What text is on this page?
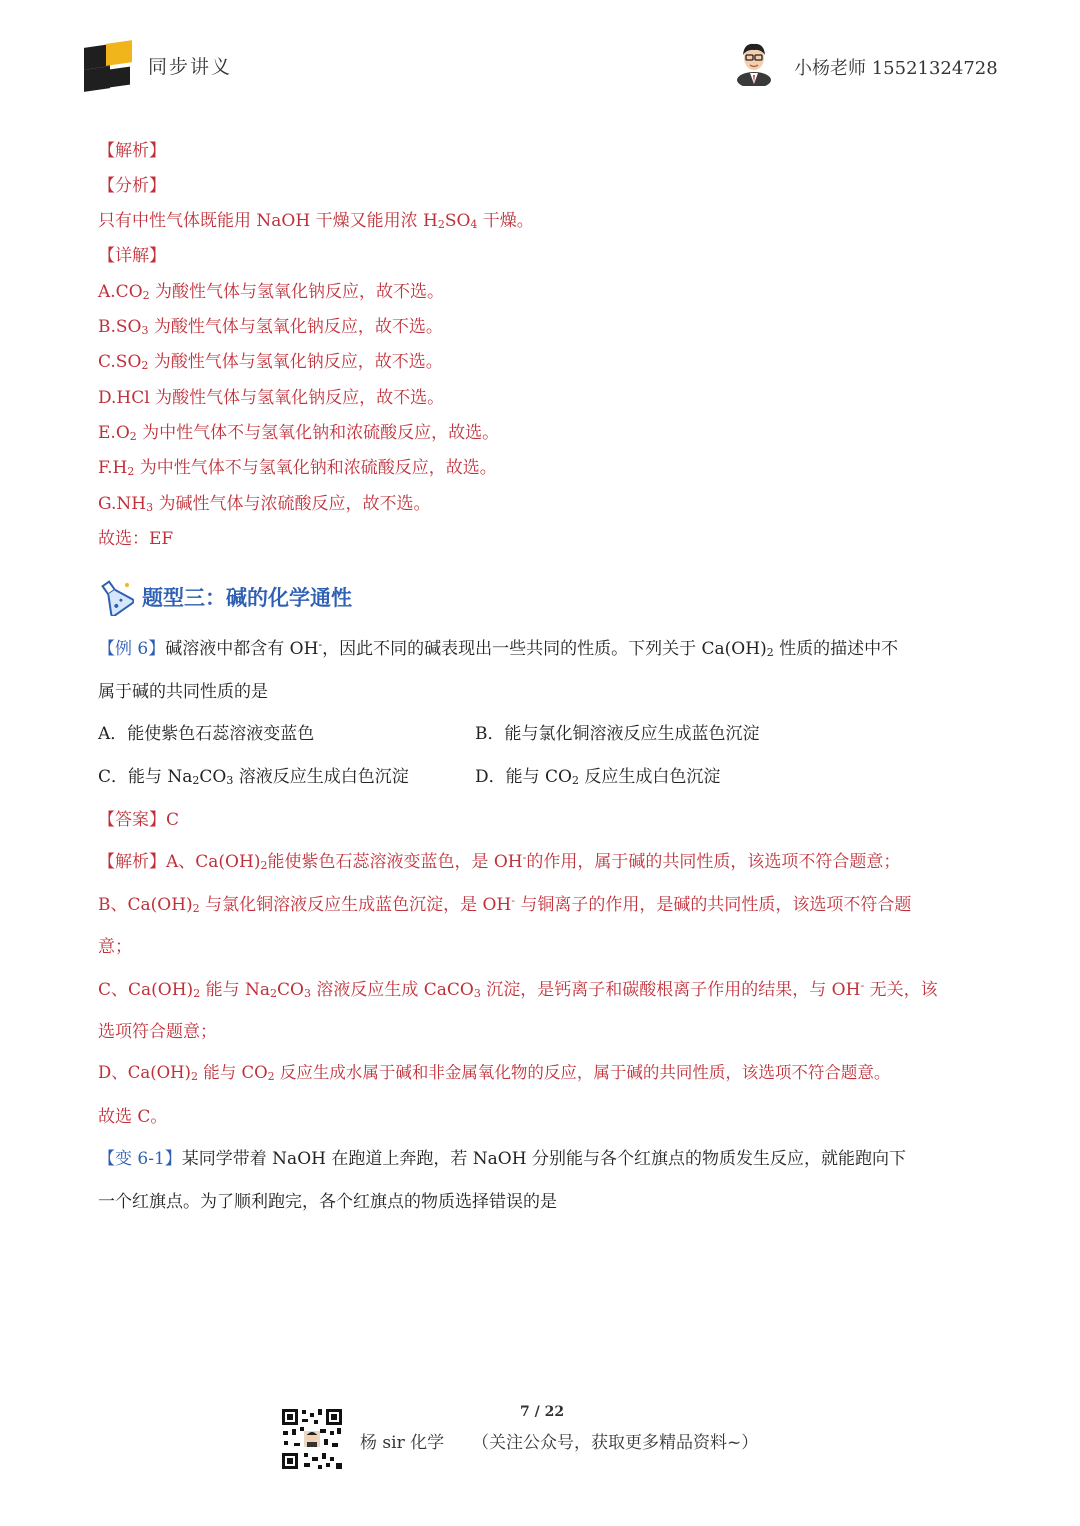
同步讲义	小杨老师 15521324728
【解析】
【分析】
只有中性气体既能用 NaOH 干燥又能用浓 $H_2SO_4$ 干燥。
【详解】
$A.CO_2$ 为酸性气体与氢氧化钠反应，故不选。
$B.SO_3$ 为酸性气体与氢氧化钠反应，故不选。
$C.SO_2$ 为酸性气体与氢氧化钠反应，故不选。
D.HCl 为酸性气体与氢氧化钠反应，故不选。
$E.O_2$ 为中性气体不与氢氧化钠和浓硫酸反应，故选。
$F.H_2$ 为中性气体不与氢氧化钠和浓硫酸反应，故选。
$G.NH_3$ 为碱性气体与浓硫酸反应，故不选。
故选：EF
题型三：碱的化学通性
【例 6】碱溶液中都含有 OH-，因此不同的碱表现出一些共同的性质。下列关于 $Ca(OH)_2$ 性质的描述中不
属于碱的共同性质的是
A．能使紫色石蕊溶液变蓝色	B．能与氯化铜溶液反应生成蓝色沉淀
C．能与 $Na_2CO_3$ 溶液反应生成白色沉淀	D．能与 $CO_2$ 反应生成白色沉淀
【答案】C
【解析】A、$Ca(OH)_2$能使紫色石蕊溶液变蓝色，是 OH-的作用，属于碱的共同性质，该选项不符合题意；
B、$Ca(OH)_2$ 与氯化铜溶液反应生成蓝色沉淀，是 OH- 与铜离子的作用，是碱的共同性质，该选项不符合题
意；
C、$Ca(OH)_2$ 能与 $Na_2CO_3$ 溶液反应生成 CaCO$_3$ 沉淀，是钙离子和碳酸根离子作用的结果，与 OH- 无关，该
选项符合题意；
D、$Ca(OH)_2$ 能与 $CO_2$ 反应生成水属于碱和非金属氧化物的反应，属于碱的共同性质，该选项不符合题意。
故选 C。
【变 6-1】某同学带着 NaOH 在跑道上奔跑，若 NaOH 分别能与各个红旗点的物质发生反应，就能跑向下
一个红旗点。为了顺利跑完，各个红旗点的物质选择错误的是
7 / 22
杨 sir 化学 （关注公众号，获取更多精品资料~）
